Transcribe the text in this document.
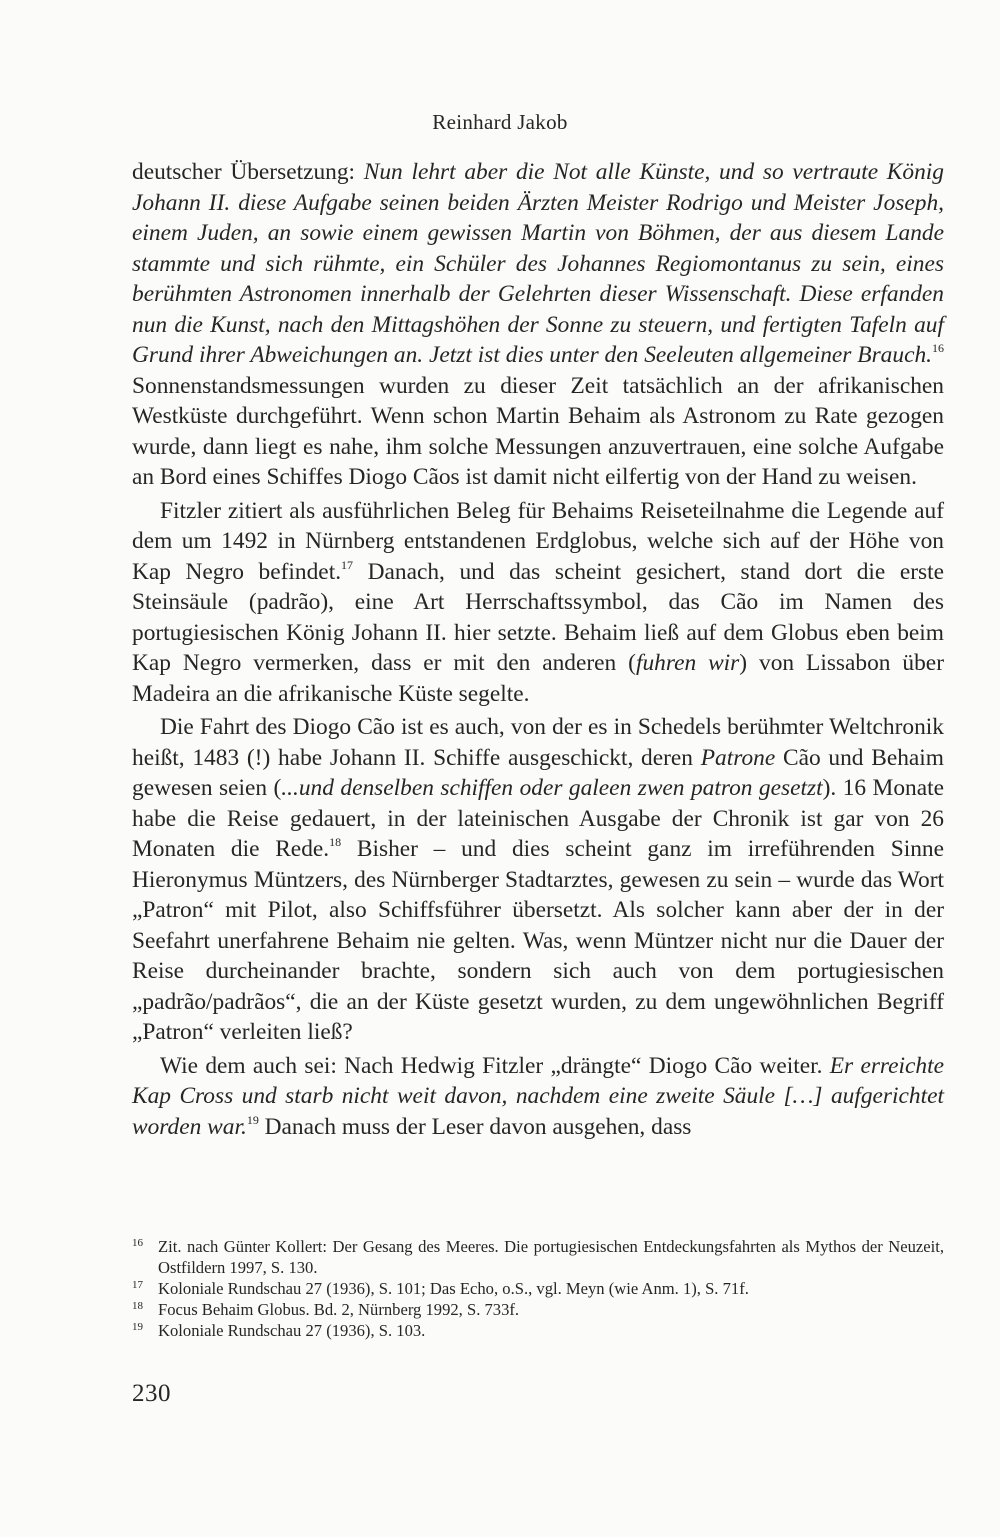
Reinhard Jakob

deutscher Übersetzung: Nun lehrt aber die Not alle Künste, und so vertraute König Johann II. diese Aufgabe seinen beiden Ärzten Meister Rodrigo und Meister Joseph, einem Juden, an sowie einem gewissen Martin von Böhmen, der aus diesem Lande stammte und sich rühmte, ein Schüler des Johannes Regiomontanus zu sein, eines berühmten Astronomen innerhalb der Gelehrten dieser Wissenschaft. Diese erfanden nun die Kunst, nach den Mittagshöhen der Sonne zu steuern, und fertigten Tafeln auf Grund ihrer Abweichungen an. Jetzt ist dies unter den Seeleuten allgemeiner Brauch.$^{16}$ Sonnenstandsmessungen wurden zu dieser Zeit tatsächlich an der afrikanischen Westküste durchgeführt. Wenn schon Martin Behaim als Astronom zu Rate gezogen wurde, dann liegt es nahe, ihm solche Messungen anzuvertrauen, eine solche Aufgabe an Bord eines Schiffes Diogo Cãos ist damit nicht eilfertig von der Hand zu weisen.

Fitzler zitiert als ausführlichen Beleg für Behaims Reiseteilnahme die Legende auf dem um 1492 in Nürnberg entstandenen Erdglobus, welche sich auf der Höhe von Kap Negro befindet.$^{17}$ Danach, und das scheint gesichert, stand dort die erste Steinsäule (padrão), eine Art Herrschaftssymbol, das Cão im Namen des portugiesischen König Johann II. hier setzte. Behaim ließ auf dem Globus eben beim Kap Negro vermerken, dass er mit den anderen (fuhren wir) von Lissabon über Madeira an die afrikanische Küste segelte.

Die Fahrt des Diogo Cão ist es auch, von der es in Schedels berühmter Weltchronik heißt, 1483 (!) habe Johann II. Schiffe ausgeschickt, deren Patrone Cão und Behaim gewesen seien (...und denselben schiffen oder galeen zwen patron gesetzt). 16 Monate habe die Reise gedauert, in der lateinischen Ausgabe der Chronik ist gar von 26 Monaten die Rede.$^{18}$ Bisher – und dies scheint ganz im irreführenden Sinne Hieronymus Müntzers, des Nürnberger Stadtarztes, gewesen zu sein – wurde das Wort „Patron“ mit Pilot, also Schiffsführer übersetzt. Als solcher kann aber der in der Seefahrt unerfahrene Behaim nie gelten. Was, wenn Müntzer nicht nur die Dauer der Reise durcheinander brachte, sondern sich auch von dem portugiesischen „padrão/padrãos“, die an der Küste gesetzt wurden, zu dem ungewöhnlichen Begriff „Patron“ verleiten ließ?

Wie dem auch sei: Nach Hedwig Fitzler „drängte“ Diogo Cão weiter. Er erreichte Kap Cross und starb nicht weit davon, nachdem eine zweite Säule […] aufgerichtet worden war.$^{19}$ Danach muss der Leser davon ausgehen, dass

16 Zit. nach Günter Kollert: Der Gesang des Meeres. Die portugiesischen Entdeckungsfahrten als Mythos der Neuzeit, Ostfildern 1997, S. 130.
17 Koloniale Rundschau 27 (1936), S. 101; Das Echo, o.S., vgl. Meyn (wie Anm. 1), S. 71f.
18 Focus Behaim Globus. Bd. 2, Nürnberg 1992, S. 733f.
19 Koloniale Rundschau 27 (1936), S. 103.
230
